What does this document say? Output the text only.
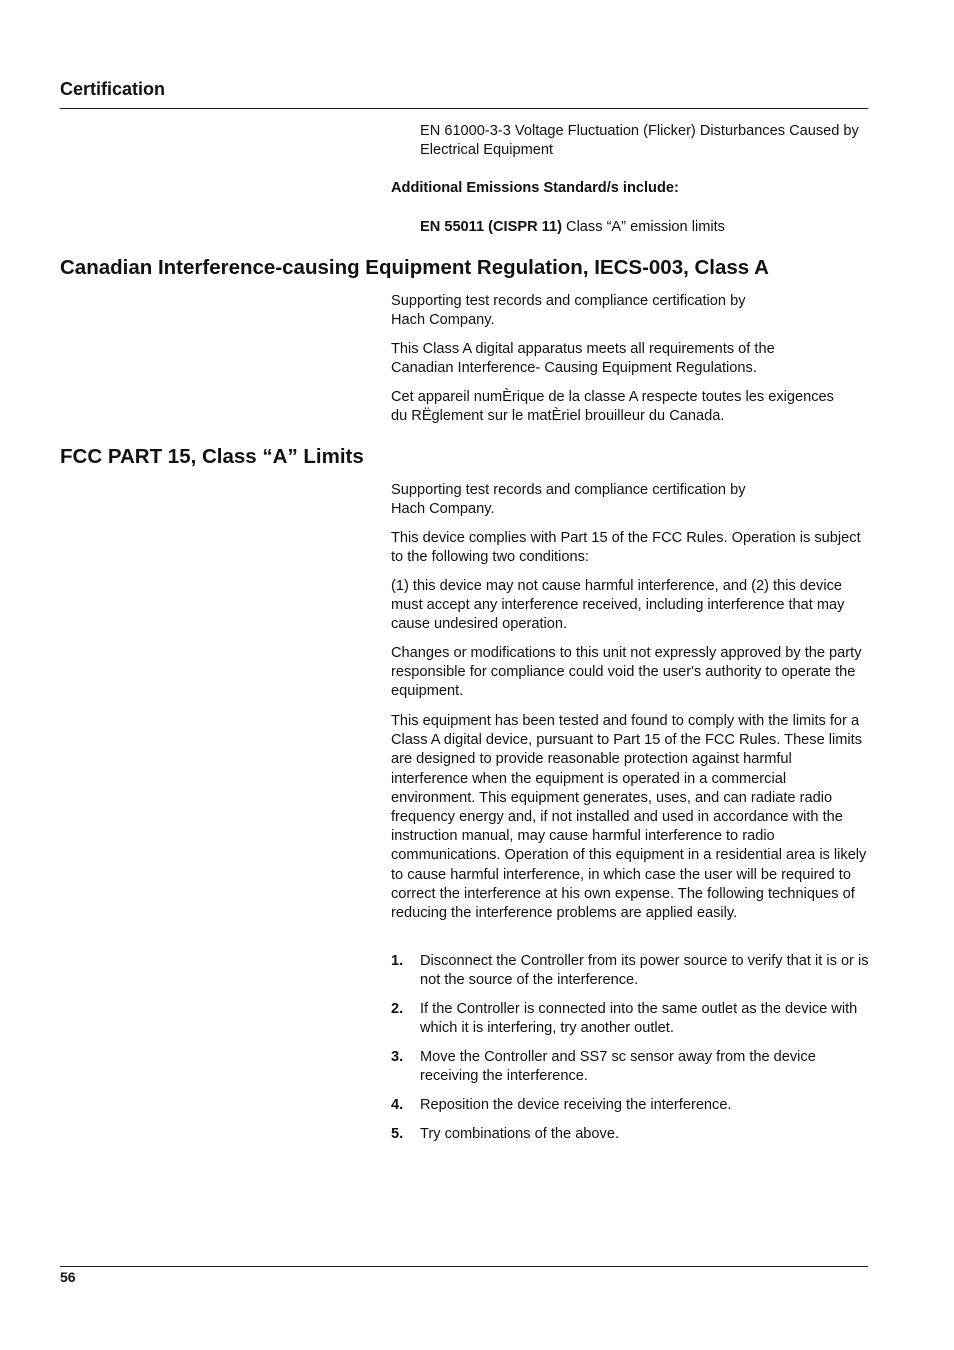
Certification
EN 61000-3-3 Voltage Fluctuation (Flicker) Disturbances Caused by Electrical Equipment
Additional Emissions Standard/s include:
EN 55011 (CISPR 11) Class “A” emission limits
Canadian Interference-causing Equipment Regulation, IECS-003, Class A
Supporting test records and compliance certification by
Hach Company.
This Class A digital apparatus meets all requirements of the Canadian Interference- Causing Equipment Regulations.
Cet appareil numÈrique de la classe A respecte toutes les exigences du RËglement sur le matÈriel brouilleur du Canada.
FCC PART 15, Class “A” Limits
Supporting test records and compliance certification by
Hach Company.
This device complies with Part 15 of the FCC Rules. Operation is subject to the following two conditions:
(1) this device may not cause harmful interference, and (2) this device must accept any interference received, including interference that may cause undesired operation.
Changes or modifications to this unit not expressly approved by the party responsible for compliance could void the user's authority to operate the equipment.
This equipment has been tested and found to comply with the limits for a Class A digital device, pursuant to Part 15 of the FCC Rules. These limits are designed to provide reasonable protection against harmful interference when the equipment is operated in a commercial environment. This equipment generates, uses, and can radiate radio frequency energy and, if not installed and used in accordance with the instruction manual, may cause harmful interference to radio communications. Operation of this equipment in a residential area is likely to cause harmful interference, in which case the user will be required to correct the interference at his own expense. The following techniques of reducing the interference problems are applied easily.
1.	Disconnect the Controller from its power source to verify that it is or is not the source of the interference.
2.	If the Controller is connected into the same outlet as the device with which it is interfering, try another outlet.
3.	Move the Controller and SS7 sc sensor away from the device receiving the interference.
4.	Reposition the device receiving the interference.
5.	Try combinations of the above.
56
